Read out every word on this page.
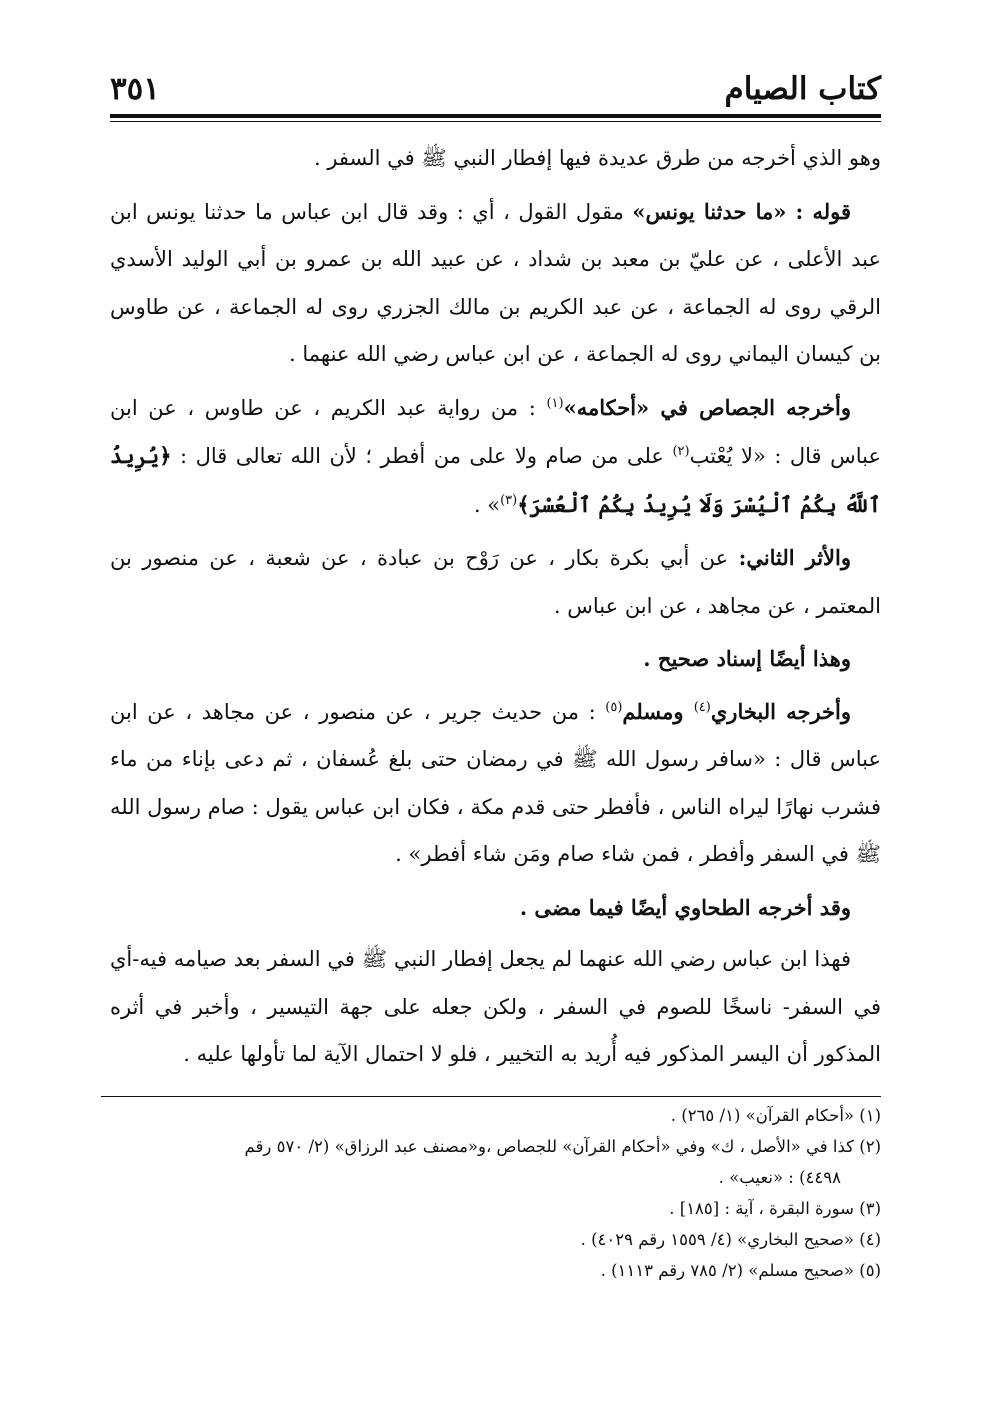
كتاب الصيام
٣٥١

وهو الذي أخرجه من طرق عديدة فيها إفطار النبي ﷺ في السفر .

قوله : «ما حدثنا يونس» مقول القول ، أي : وقد قال ابن عباس ما حدثنا يونس ابن عبد الأعلى ، عن عليّ بن معبد بن شداد ، عن عبيد الله بن عمرو بن أبي الوليد الأسدي الرقي روى له الجماعة ، عن عبد الكريم بن مالك الجزري روى له الجماعة ، عن طاوس بن كيسان اليماني روى له الجماعة ، عن ابن عباس رضي الله عنهما .

وأخرجه الجصاص في «أحكامه»$^{(١)}$ : من رواية عبد الكريم ، عن طاوس ، عن ابن عباس قال : «لا يُعْتب$^{(٢)}$ على من صام ولا على من أفطر ؛ لأن الله تعالى قال : ﴿يُرِيدُ ٱللَّهُ بِكُمُ ٱلْيُسْرَ وَلَا يُرِيدُ بِكُمُ ٱلْعُسْرَ﴾$^{(٣)}$» .

والأثر الثاني: عن أبي بكرة بكار ، عن رَوْح بن عبادة ، عن شعبة ، عن منصور بن المعتمر ، عن مجاهد ، عن ابن عباس .

وهذا أيضًا إسناد صحيح .

وأخرجه البخاري$^{(٤)}$ ومسلم$^{(٥)}$ : من حديث جرير ، عن منصور ، عن مجاهد ، عن ابن عباس قال : «سافر رسول الله ﷺ في رمضان حتى بلغ عُسفان ، ثم دعى بإناء من ماء فشرب نهارًا ليراه الناس ، فأفطر حتى قدم مكة ، فكان ابن عباس يقول : صام رسول الله ﷺ في السفر وأفطر ، فمن شاء صام ومَن شاء أفطر» .

وقد أخرجه الطحاوي أيضًا فيما مضى .

فهذا ابن عباس رضي الله عنهما لم يجعل إفطار النبي ﷺ في السفر بعد صيامه فيه-أي في السفر- ناسخًا للصوم في السفر ، ولكن جعله على جهة التيسير ، وأخبر في أثره المذكور أن اليسر المذكور فيه أُريد به التخيير ، فلو لا احتمال الآية لما تأولها عليه .

(١) «أحكام القرآن» (١/ ٢٦٥) .

(٢) كذا في «الأصل ، ك» وفي «أحكام القرآن» للجصاص ،و«مصنف عبد الرزاق» (٢/ ٥٧٠ رقم

٤٤٩٨) : «نعيب» .

(٣) سورة البقرة ، آية : [١٨٥] .

(٤) «صحيح البخاري» (٤/ ١٥٥٩ رقم ٤٠٢٩) .

(٥) «صحيح مسلم» (٢/ ٧٨٥ رقم ١١١٣) .
